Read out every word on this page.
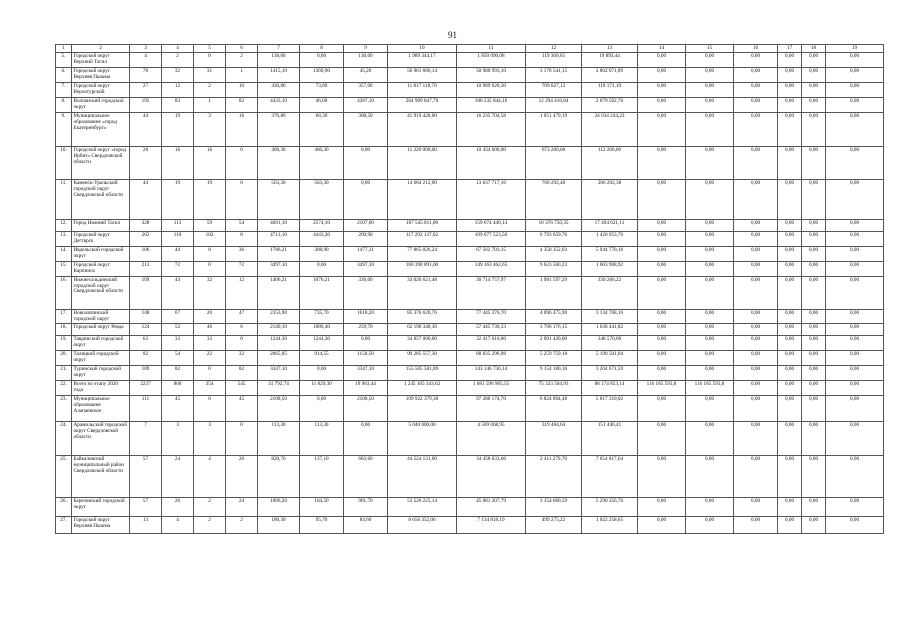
91
1	2	3	4	5	6	7	8	9	10	11	12	13	14	15	16	17	18	19
5.	Городской округ Верхний Тагил	4	2	0	2	130,00	0,00	130,00	1 989 344,17	1 850 090,08	119 360,65	19 893,44	0,00	0,00	0,00	0,00	0,00	0,00
6.	Городской округ Верхняя Пышма	78	32	31	1	1415,10	1369,90	45,20	56 961 606,14	50 980 993,10	3 178 541,15	2 802 071,89	0,00	0,00	0,00	0,00	0,00	0,00
7.	Городской округ Верхотурский	27	12	2	10	430,80	73,89	357,00	11 817 118,70	10 989 920,30	709 027,12	118 171,19	0,00	0,00	0,00	0,00	0,00	0,00
8.	Волчанский городской округ	195	83	1	82	4433,10	46,00	4387,10	204 909 847,70	180 535 844,16	12 294 410,84	2 079 592,70	0,00	0,00	0,00	0,00	0,00	0,00
9.	Муниципальное образование «город Екатеринбург»	44	19	3	16	376,80	68,30	308,50	41 919 428,00	16 235 704,58	1 051 479,19	24 634 244,23	0,00	0,00	0,00	0,00	0,00	0,00
10.	Городской округ «город Ирбит» Свердловской области	28	16	16	0	460,30	460,30	0,00	11 220 000,00	10 434 600,00	673 200,00	112 200,00	0,00	0,00	0,00	0,00	0,00	0,00
11.	Каменск-Уральский городской округ Свердловской области	44	19	19	0	563,30	563,30	0,00	14 664 212,00	13 637 717,16	760 292,46	266 202,38	0,00	0,00	0,00	0,00	0,00	0,00
12.	Город Нижний Тагил	328	113	59	54	4681,10	2574,10	2107,00	187 545 811,00	159 674 440,14	10 376 750,35	17 494 621,11	0,00	0,00	0,00	0,00	0,00	0,00
13.	Городской округ Дегтярск	262	110	102	8	4713,10	4443,20	269,90	117 292 137,02	109 077 523,50	6 793 659,76	1 420 953,76	0,00	0,00	0,00	0,00	0,00	0,00
14.	Ивдельский городской округ	106	44	8	36	1786,21	308,90	1477,31	77 865 026,24	67 562 703,15	4 358 352,03	5 944 770,16	0,00	0,00	0,00	0,00	0,00	0,00
15.	Городской округ Карпинск	213	72	0	72	3497,10	0,00	3497,10	160 390 891,00	149 163 462,65	9 623 560,23	1 603 908,92	0,00	0,00	0,00	0,00	0,00	0,00
16.	Нижнесальдинский городской округ Свердловской области	109	44	32	12	1406,21	1076,21	330,00	33 026 621,48	30 714 757,97	1 981 597,29	330 266,22	0,00	0,00	0,00	0,00	0,00	0,00
17.	Новолялинский городской округ	148	67	20	47	2353,90	735,70	1618,20	85 376 620,76	77 445 376,70	4 096 475,90	3 134 768,16	0,00	0,00	0,00	0,00	0,00	0,00
18.	Городской округ Ревда	124	52	46	6	2140,10	1880,40	259,70	62 190 348,30	57 445 730,33	3 706 176,15	1 038 441,82	0,00	0,00	0,00	0,00	0,00	0,00
19.	Тавдинский городской округ	63	33	33	0	1244,30	1244,30	0,00	34 857 000,00	32 417 010,00	2 091 420,00	348 570,00	0,00	0,00	0,00	0,00	0,00	0,00
20.	Талицкий городской округ	82	54	22	32	2065,05	914,55	1150,50	99 285 557,30	88 835 296,98	5 259 759,18	5 190 501,04	0,00	0,00	0,00	0,00	0,00	0,00
21.	Туринский городской округ	189	82	0	82	3347,10	0,00	3347,10	155 505 581,89	143 146 730,14	9 154 180,16	3 204 671,59	0,00	0,00	0,00	0,00	0,00	0,00
22.	Всего по этапу 2020 года	2237	800	354	545	31 792,74	11 829,30	19 963,44	1 245 105 343,62	1 081 596 905,55	75 333 504,93	88 174 853,14	116 185 593,8	116 185 593,8	0,00	0,00	0,00	0,00
23.	Муниципальное образование Алапаевское	111	45	0	45	2108,50	0,00	2108,50	109 922 379,30	97 280 174,70	6 824 894,48	5 817 310,02	0,00	0,00	0,00	0,00	0,00	0,00
24.	Арамильский городской округ Свердловской области	7	3	3	0	113,30	113,30	0,00	5 040 000,00	4 569 068,95	319 484,64	151 446,41	0,00	0,00	0,00	0,00	0,00	0,00
25.	Байкаловский муниципальный район Свердловской области	57	24	4	20	820,70	137,10	683,60	44 524 131,00	34 458 033,66	2 411 279,70	7 654 817,64	0,00	0,00	0,00	0,00	0,00	0,00
26.	Березовский городской округ	57	26	2	24	1006,20	104,50	901,70	53 526 225,14	45 081 207,79	3 154 660,59	5 290 356,76	0,00	0,00	0,00	0,00	0,00	0,00
27.	Городской округ Верхняя Пышма	13	4	2	2	180,30	95,70	84,60	8 656 352,06	7 134 818,19	499 275,22	1 022 258,65	0,00	0,00	0,00	0,00	0,00	0,00
